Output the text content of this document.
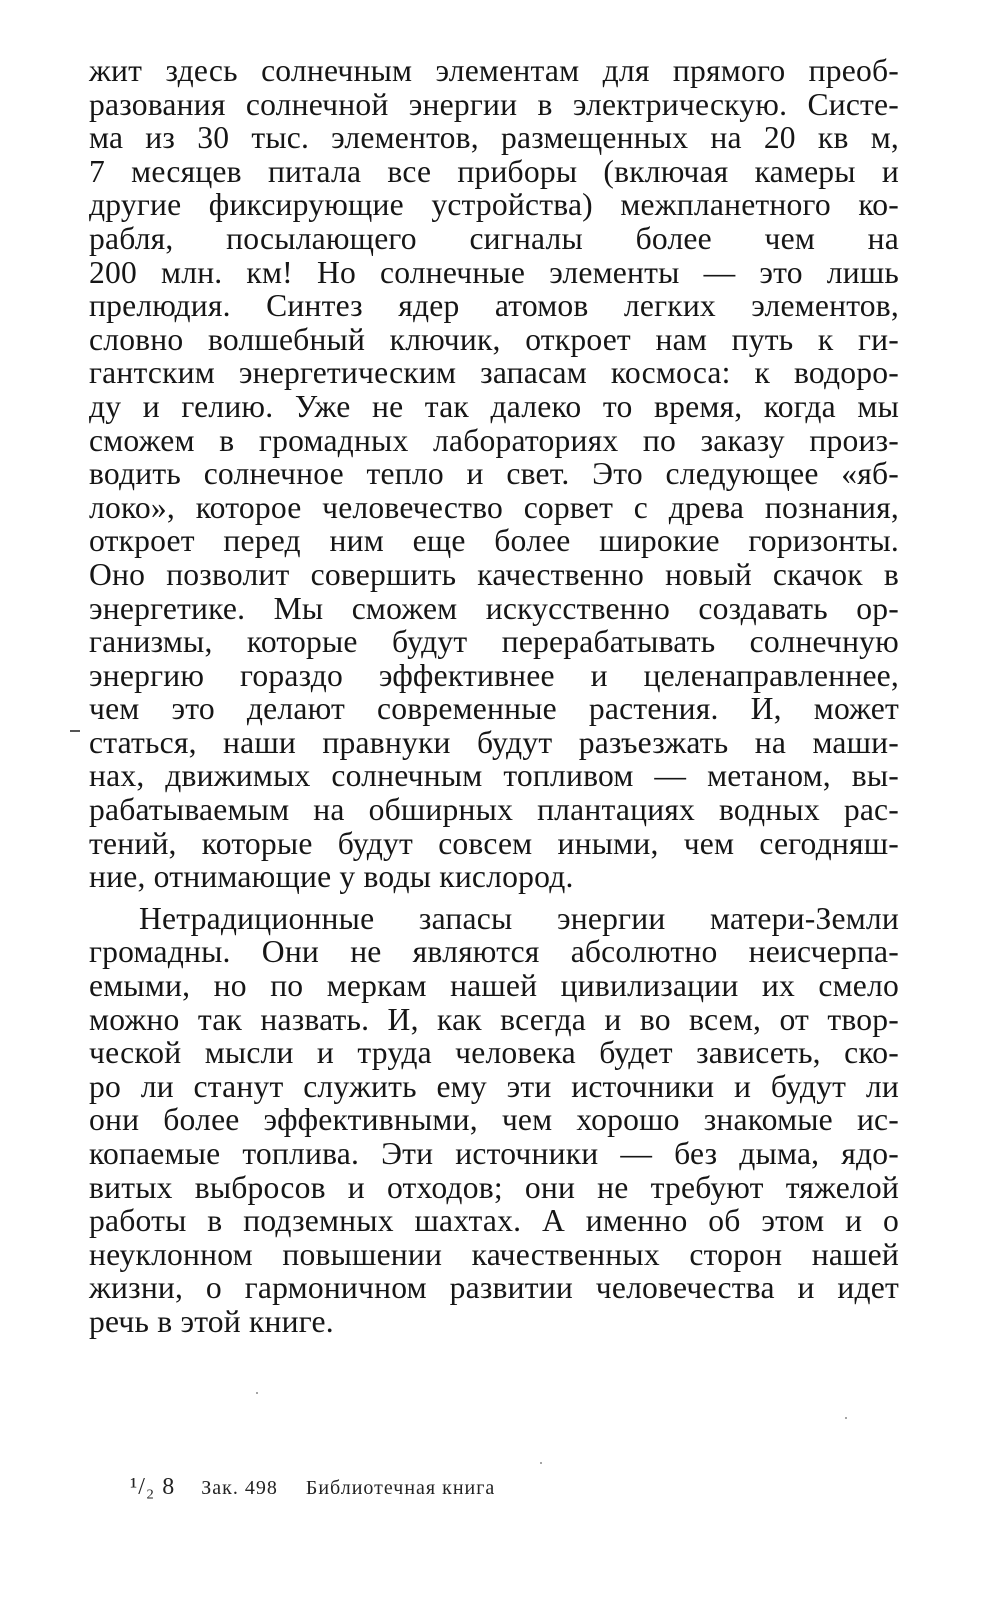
жит здесь солнечным элементам для прямого преоб-
разования солнечной энергии в электрическую. Систе-
ма из 30 тыс. элементов, размещенных на 20 кв м,
7 месяцев питала все приборы (включая камеры и
другие фиксирующие устройства) межпланетного ко-
рабля, посылающего сигналы более чем на
200 млн. км! Но солнечные элементы — это лишь
прелюдия. Синтез ядер атомов легких элементов,
словно волшебный ключик, откроет нам путь к ги-
гантским энергетическим запасам космоса: к водоро-
ду и гелию. Уже не так далеко то время, когда мы
сможем в громадных лабораториях по заказу произ-
водить солнечное тепло и свет. Это следующее «яб-
локо», которое человечество сорвет с древа познания,
откроет перед ним еще более широкие горизонты.
Оно позволит совершить качественно новый скачок в
энергетике. Мы сможем искусственно создавать ор-
ганизмы, которые будут перерабатывать солнечную
энергию гораздо эффективнее и целенаправленнее,
чем это делают современные растения. И, может
статься, наши правнуки будут разъезжать на маши-
нах, движимых солнечным топливом — метаном, вы-
рабатываемым на обширных плантациях водных рас-
тений, которые будут совсем иными, чем сегодняш-
ние, отнимающие у воды кислород.
Нетрадиционные запасы энергии матери-Земли
громадны. Они не являются абсолютно неисчерпа-
емыми, но по меркам нашей цивилизации их смело
можно так назвать. И, как всегда и во всем, от твор-
ческой мысли и труда человека будет зависеть, ско-
ро ли станут служить ему эти источники и будут ли
они более эффективными, чем хорошо знакомые ис-
копаемые топлива. Эти источники — без дыма, ядо-
витых выбросов и отходов; они не требуют тяжелой
работы в подземных шахтах. А именно об этом и о
неуклонном повышении качественных сторон нашей
жизни, о гармоничном развитии человечества и идет
речь в этой книге.
¹/₂ 8 Зак. 498 Библиотечная книга
